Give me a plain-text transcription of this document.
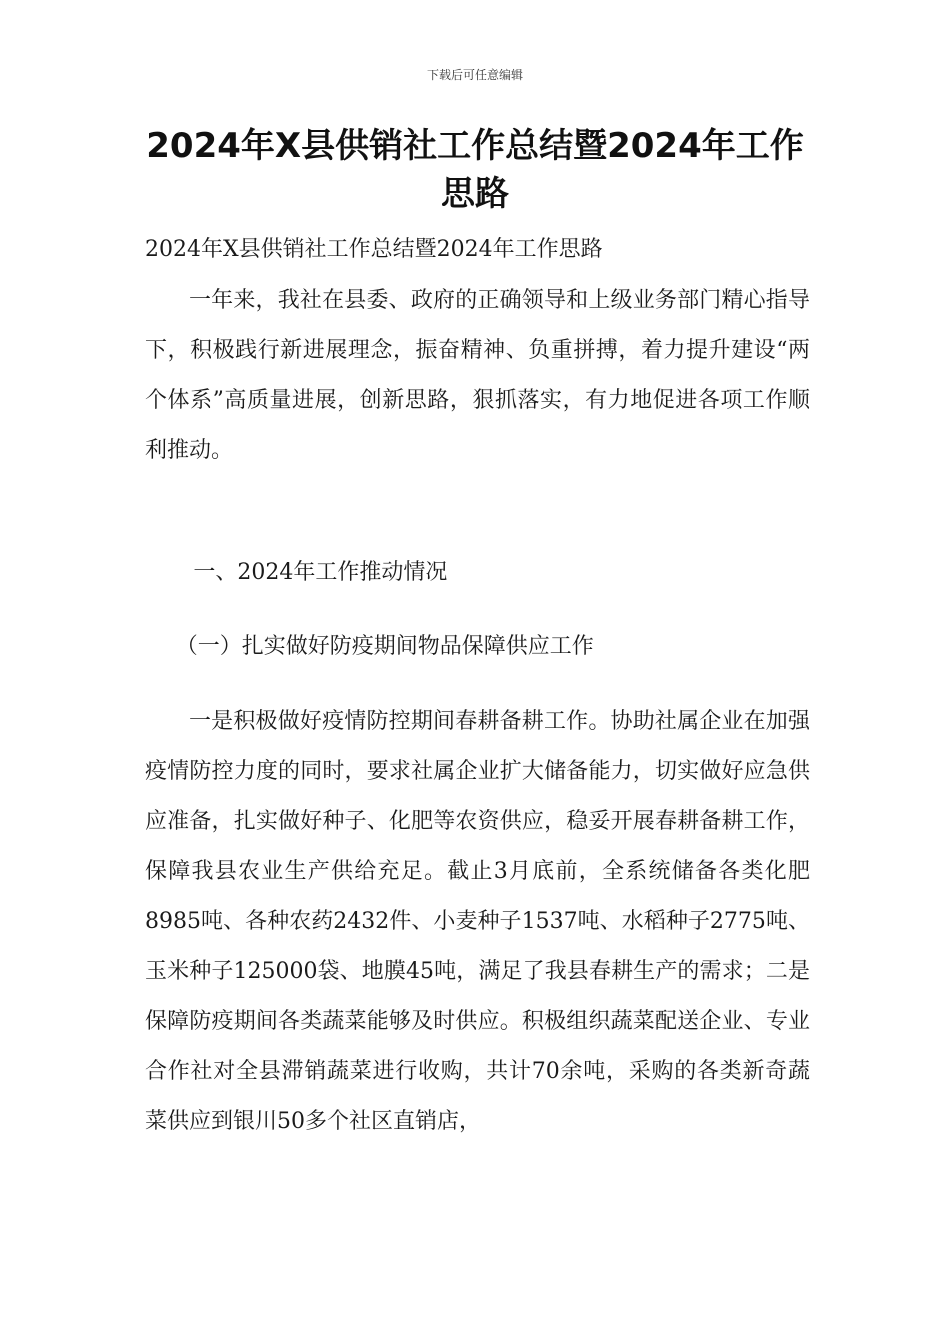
下载后可任意编辑
2024年X县供销社工作总结暨2024年工作思路
2024年X县供销社工作总结暨2024年工作思路
一年来，我社在县委、政府的正确领导和上级业务部门精心指导下，积极践行新进展理念，振奋精神、负重拼搏，着力提升建设“两个体系”高质量进展，创新思路，狠抓落实，有力地促进各项工作顺利推动。
一、2024年工作推动情况
（一）扎实做好防疫期间物品保障供应工作
一是积极做好疫情防控期间春耕备耕工作。协助社属企业在加强疫情防控力度的同时，要求社属企业扩大储备能力，切实做好应急供应准备，扎实做好种子、化肥等农资供应，稳妥开展春耕备耕工作，保障我县农业生产供给充足。截止3月底前，全系统储备各类化肥8985吨、各种农药2432件、小麦种子1537吨、水稻种子2775吨、玉米种子125000袋、地膜45吨，满足了我县春耕生产的需求；二是保障防疫期间各类蔬菜能够及时供应。积极组织蔬菜配送企业、专业合作社对全县滞销蔬菜进行收购，共计70余吨，采购的各类新奇蔬菜供应到银川50多个社区直销店，
